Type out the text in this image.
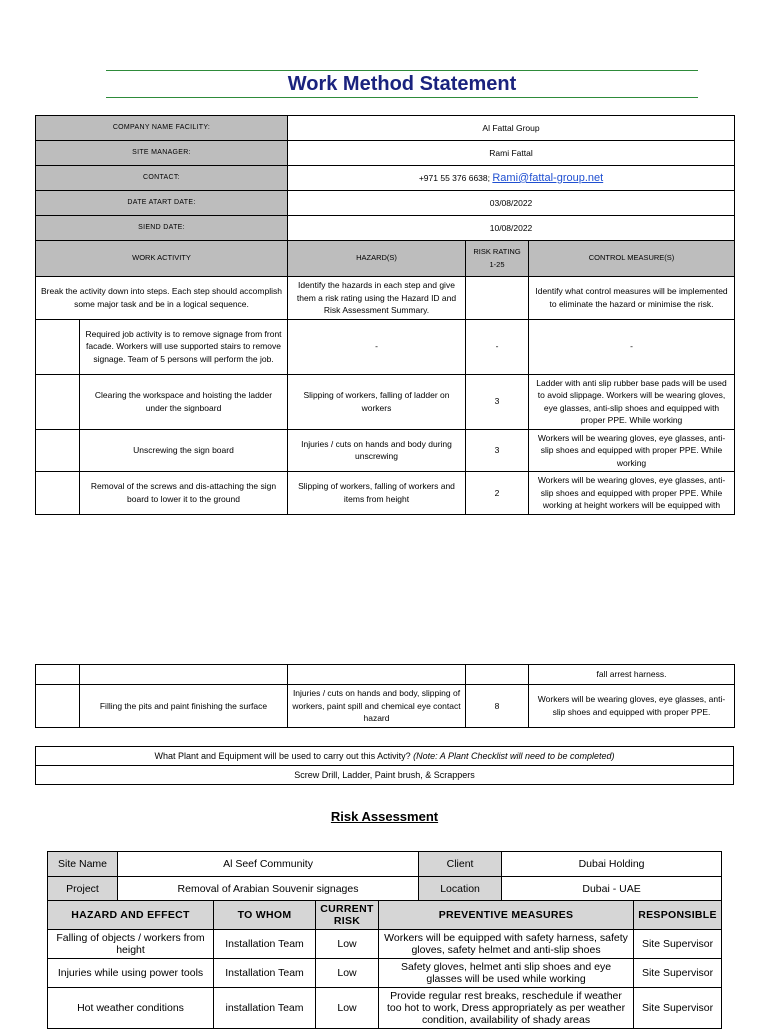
Work Method Statement
COMPANY NAME FACILITY:		Al Fattal Group		
SITE MANAGER:		Rami Fattal		
CONTACT:		+971 55 376 6638; Rami@fattal-group.net		
DATE ATART DATE:		03/08/2022		
SIEND DATE:		10/08/2022		
WORK ACTIVITY		HAZARD(S)	RISK RATING 1-25	CONTROL MEASURE(S)
Break the activity down into steps. Each step should accomplish some major task and be in a logical sequence.		Identify the hazards in each step and give them a risk rating using the Hazard ID and Risk Assessment Summary.		Identify what control measures will be implemented to eliminate the hazard or minimise the risk.
	Required job activity is to remove signage from front facade. Workers will use supported stairs to remove signage. Team of 5 persons will perform the job.	-	-	-
	Clearing the workspace and hoisting the ladder under the signboard	Slipping of workers, falling of ladder on workers	3	Ladder with anti slip rubber base pads will be used to avoid slippage. Workers will be wearing gloves, eye glasses, anti-slip shoes and equipped with proper PPE. While working
	Unscrewing the sign board	Injuries / cuts on hands and body during unscrewing	3	Workers will be wearing gloves, eye glasses, anti-slip shoes and equipped with proper PPE. While working
	Removal of the screws and dis-attaching the sign board to lower it to the ground	Slipping of workers, falling of workers and items from height	2	Workers will be wearing gloves, eye glasses, anti-slip shoes and equipped with proper PPE. While working at height workers will be equipped with
				fall arrest harness.
	Filling the pits and paint finishing the surface	Injuries / cuts on hands and body, slipping of workers, paint spill and chemical eye contact hazard	8	Workers will be wearing gloves, eye glasses, anti-slip shoes and equipped with proper PPE.
What Plant and Equipment will be used to carry out this Activity? (Note: A Plant Checklist will need to be completed)
Screw Drill, Ladder, Paint brush, & Scrappers
Risk Assessment
Site Name	Al Seef Community				Client	Dubai Holding	
Project	Removal of Arabian Souvenir signages				Location	Dubai - UAE	
HAZARD AND EFFECT		TO WHOM	CURRENT RISK	PREVENTIVE MEASURES			RESPONSIBLE
Falling of objects / workers from height		Installation Team	Low	Workers will be equipped with safety harness, safety gloves, safety helmet and anti-slip shoes			Site Supervisor
Injuries while using power tools		Installation Team	Low	Safety gloves, helmet anti slip shoes and eye glasses will be used while working			Site Supervisor
Hot weather conditions		installation Team	Low	Provide regular rest breaks, reschedule if weather too hot to work, Dress appropriately as per weather condition, availability of shady areas			Site Supervisor
